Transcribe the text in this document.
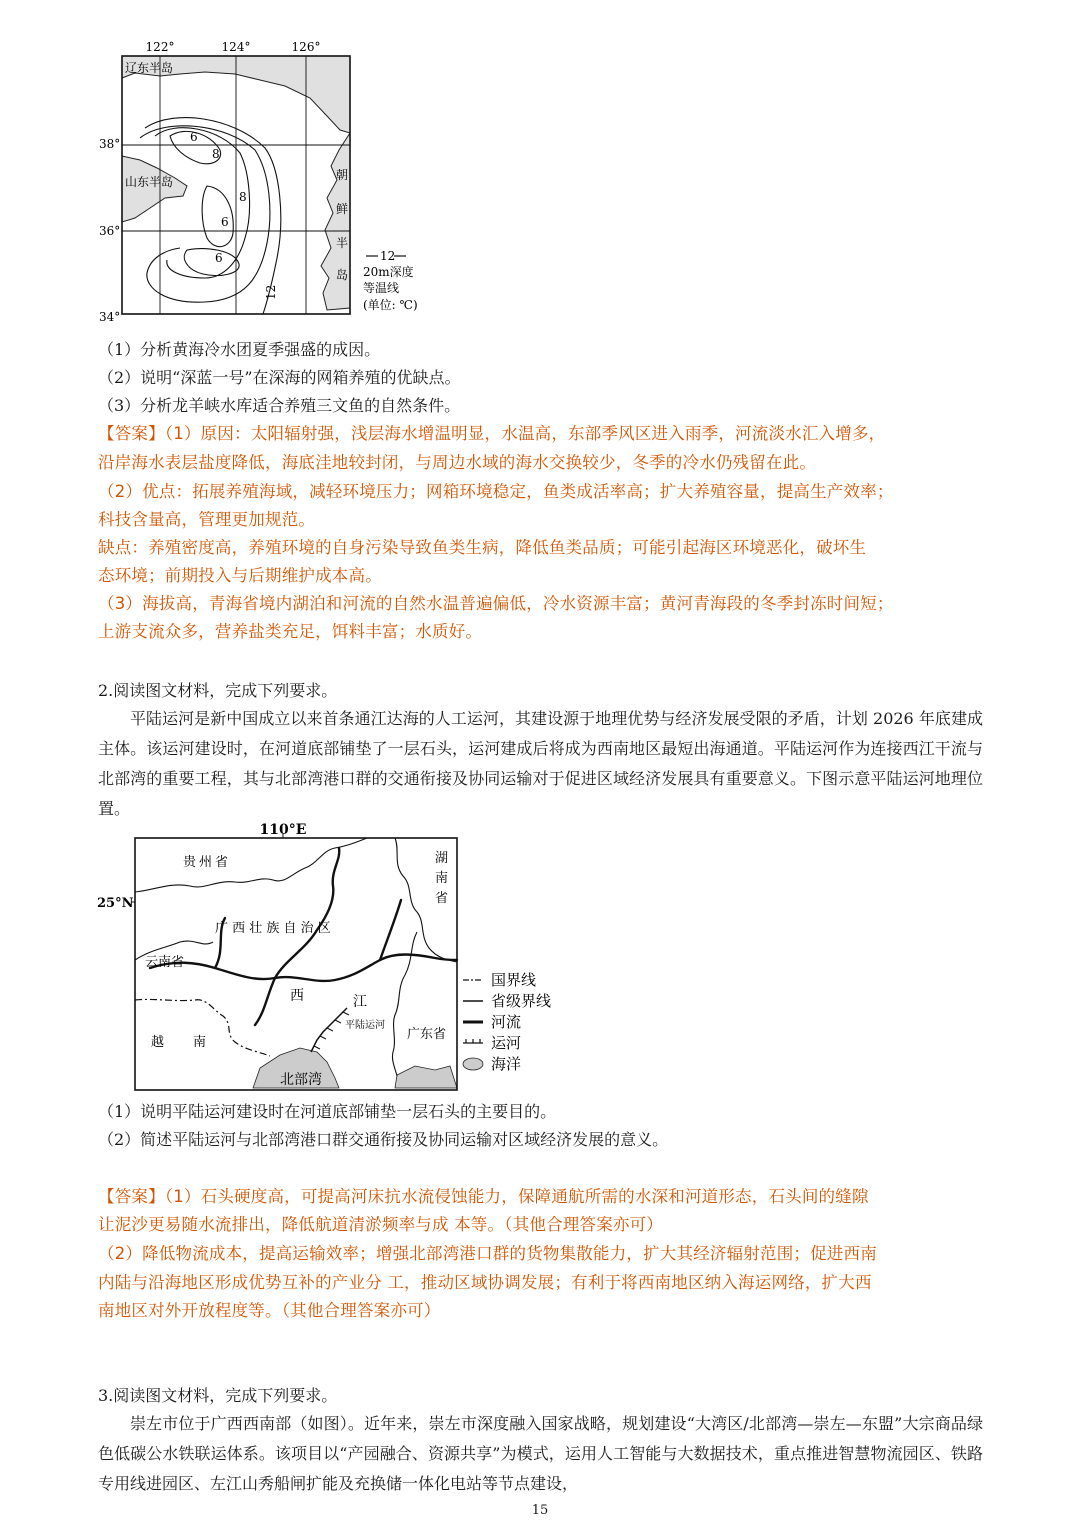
122°	124°	126°
38°
36°
34°
辽东半岛
山东半岛	朝
鲜
半
岛
6
8
8
6
6
12
12
20m深度
等温线
(单位: ℃)
（1）分析黄海冷水团夏季强盛的成因。
（2）说明“深蓝一号”在深海的网箱养殖的优缺点。
（3）分析龙羊峡水库适合养殖三文鱼的自然条件。
【答案】（1）原因：太阳辐射强，浅层海水增温明显，水温高，东部季风区进入雨季，河流淡水汇入增多，
沿岸海水表层盐度降低，海底洼地较封闭，与周边水域的海水交换较少，冬季的冷水仍残留在此。
（2）优点：拓展养殖海域，减轻环境压力；网箱环境稳定，鱼类成活率高；扩大养殖容量，提高生产效率；
科技含量高，管理更加规范。
缺点：养殖密度高，养殖环境的自身污染导致鱼类生病，降低鱼类品质；可能引起海区环境恶化，破坏生
态环境；前期投入与后期维护成本高。
（3）海拔高，青海省境内湖泊和河流的自然水温普遍偏低，冷水资源丰富；黄河青海段的冬季封冻时间短；
上游支流众多，营养盐类充足，饵料丰富；水质好。
2.阅读图文材料，完成下列要求。

平陆运河是新中国成立以来首条通江达海的人工运河，其建设源于地理优势与经济发展受限的矛盾，计划 2026 年底建成主体。该运河建设时，在河道底部铺垫了一层石头，运河建成后将成为西南地区最短出海通道。平陆运河作为连接西江干流与北部湾的重要工程，其与北部湾港口群的交通衔接及协同运输对于促进区域经济发展具有重要意义。下图示意平陆运河地理位置。

110°E
25°N
贵州省	湖
南
省
广 西 壮 族 自 治 区
云南省
西	江
平陆运河
广东省
越 南
北部湾
国界线
省级界线
河流
运河
海洋
（1）说明平陆运河建设时在河道底部铺垫一层石头的主要目的。
（2）简述平陆运河与北部湾港口群交通衔接及协同运输对区域经济发展的意义。
【答案】（1）石头硬度高，可提高河床抗水流侵蚀能力，保障通航所需的水深和河道形态，石头间的缝隙
让泥沙更易随水流排出，降低航道清淤频率与成 本等。（其他合理答案亦可）
（2）降低物流成本，提高运输效率；增强北部湾港口群的货物集散能力，扩大其经济辐射范围；促进西南
内陆与沿海地区形成优势互补的产业分 工，推动区域协调发展；有利于将西南地区纳入海运网络，扩大西
南地区对外开放程度等。（其他合理答案亦可）
3.阅读图文材料，完成下列要求。

崇左市位于广西西南部（如图）。近年来，崇左市深度融入国家战略，规划建设“大湾区/北部湾—崇左—东盟”大宗商品绿色低碳公水铁联运体系。该项目以“产园融合、资源共享”为模式，运用人工智能与大数据技术，重点推进智慧物流园区、铁路专用线进园区、左江山秀船闸扩能及充换储一体化电站等节点建设，

15
